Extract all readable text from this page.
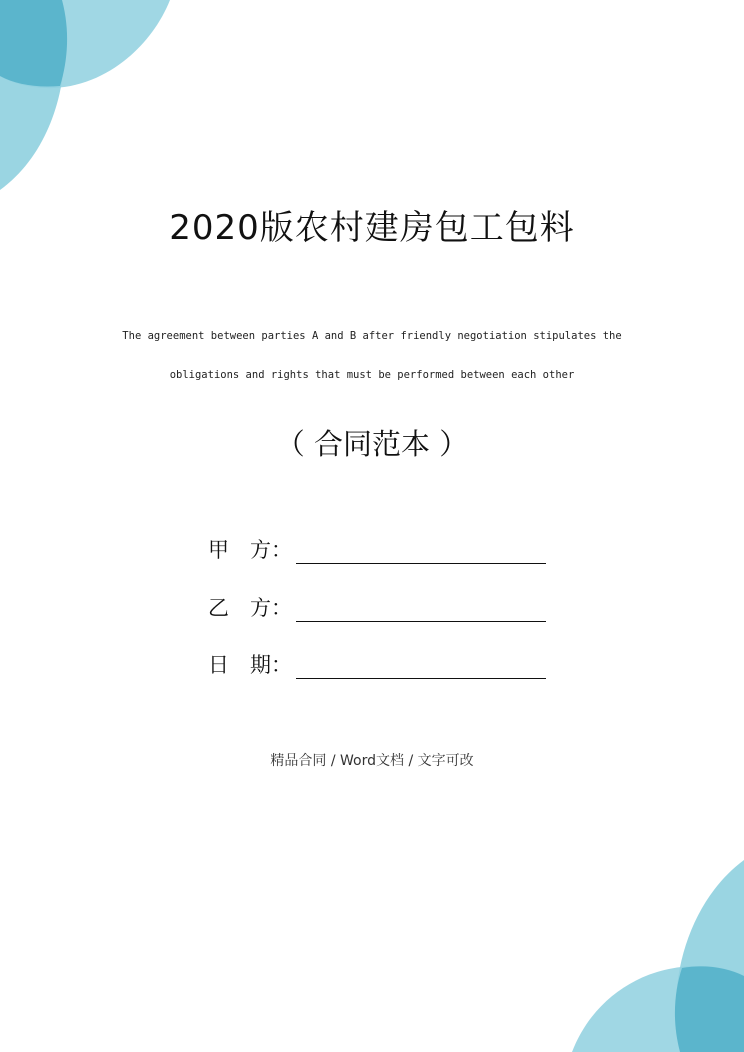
2020版农村建房包工包料
The agreement between parties A and B after friendly negotiation stipulates the
obligations and rights that must be performed between each other
（ 合同范本 ）
甲　方：
乙　方：
日　期：
精品合同 / Word文档 / 文字可改
